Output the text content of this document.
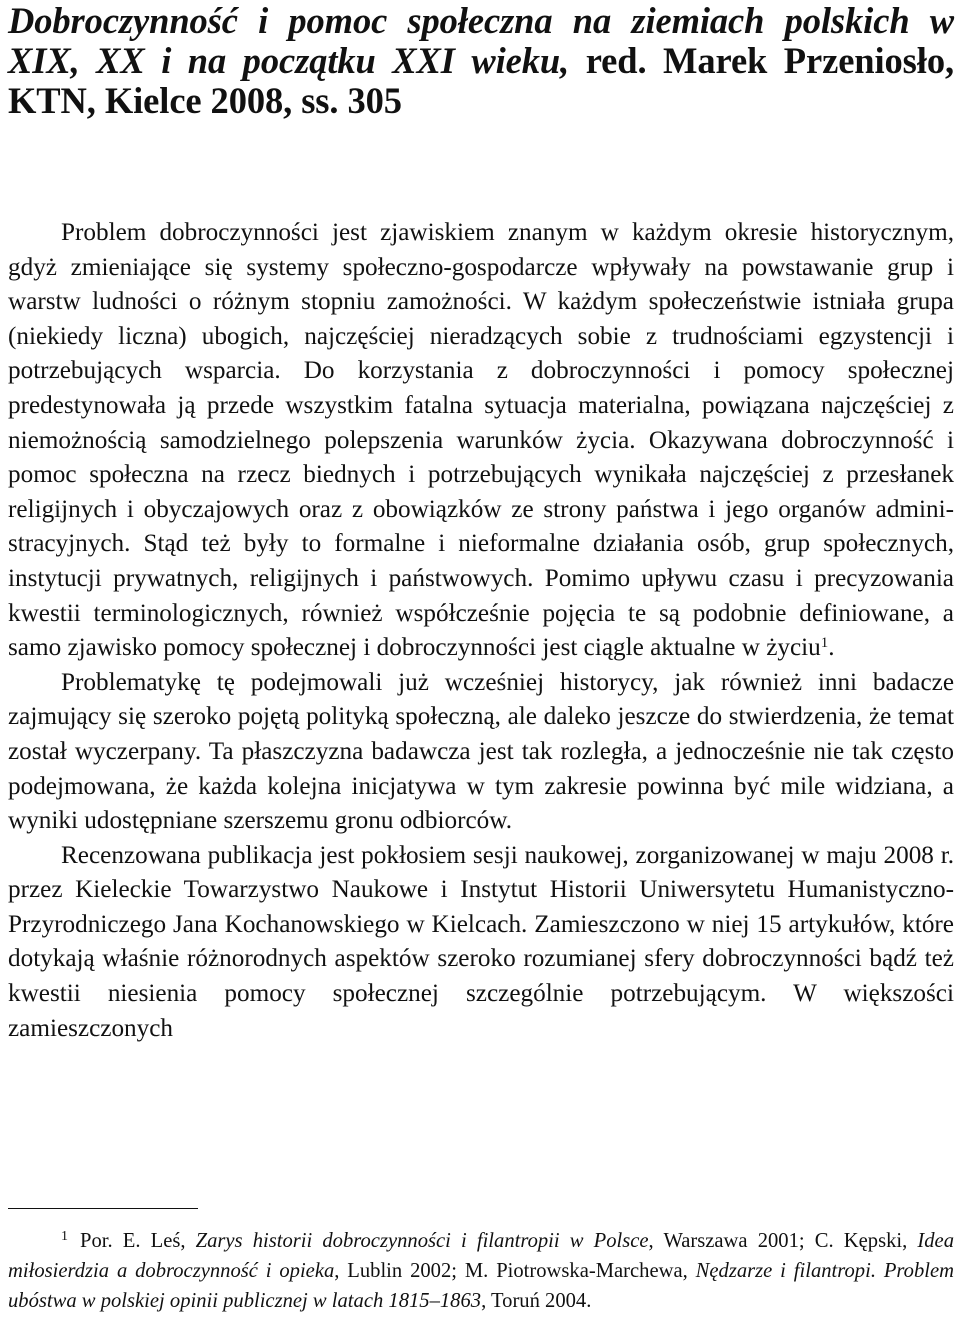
Dobroczynność i pomoc społeczna na ziemiach polskich w XIX, XX i na początku XXI wieku, red. Marek Przeniosło, KTN, Kielce 2008, ss. 305

Problem dobroczynności jest zjawiskiem znanym w każdym okresie historycznym, gdyż zmieniające się systemy społeczno-gospodarcze wpływały na powstawanie grup i warstw ludności o różnym stopniu zamożności. W każdym społeczeństwie istniała grupa (niekiedy liczna) ubogich, najczęściej nieradzących sobie z trudnościami egzystencji i potrzebujących wsparcia. Do korzystania z dobroczynności i pomocy społecznej predestynowała ją przede wszystkim fatalna sytuacja materialna, powiązana najczęściej z niemożnością samodzielnego polepszenia warunków życia. Okazywana dobroczynność i pomoc społeczna na rzecz biednych i potrzebujących wynikała najczęściej z przesłanek religijnych i obyczajowych oraz z obowiązków ze strony państwa i jego organów administracyjnych. Stąd też były to formalne i nieformalne działania osób, grup społecznych, instytucji prywatnych, religijnych i państwowych. Pomimo upływu czasu i precyzowania kwestii terminologicznych, również współcześnie pojęcia te są podobnie definiowane, a samo zjawisko pomocy społecznej i dobroczynności jest ciągle aktualne w życiu$^1$.

Problematykę tę podejmowali już wcześniej historycy, jak również inni badacze zajmujący się szeroko pojętą polityką społeczną, ale daleko jeszcze do stwierdzenia, że temat został wyczerpany. Ta płaszczyzna badawcza jest tak rozległa, a jednocześnie nie tak często podejmowana, że każda kolejna inicjatywa w tym zakresie powinna być mile widziana, a wyniki udostępniane szerszemu gronu odbiorców.

Recenzowana publikacja jest pokłosiem sesji naukowej, zorganizowanej w maju 2008 r. przez Kieleckie Towarzystwo Naukowe i Instytut Historii Uniwersytetu Humanistyczno-Przyrodniczego Jana Kochanowskiego w Kielcach. Zamieszczono w niej 15 artykułów, które dotykają właśnie różnorodnych aspektów szeroko rozumianej sfery dobroczynności bądź też kwestii niesienia pomocy społecznej szczególnie potrzebującym. W większości zamieszczonych

$^1$ Por. E. Leś, Zarys historii dobroczynności i filantropii w Polsce, Warszawa 2001; C. Kępski, Idea miłosierdzia a dobroczynność i opieka, Lublin 2002; M. Piotrowska-Marchewa, Nędzarze i filantropi. Problem ubóstwa w polskiej opinii publicznej w latach 1815–1863, Toruń 2004.
